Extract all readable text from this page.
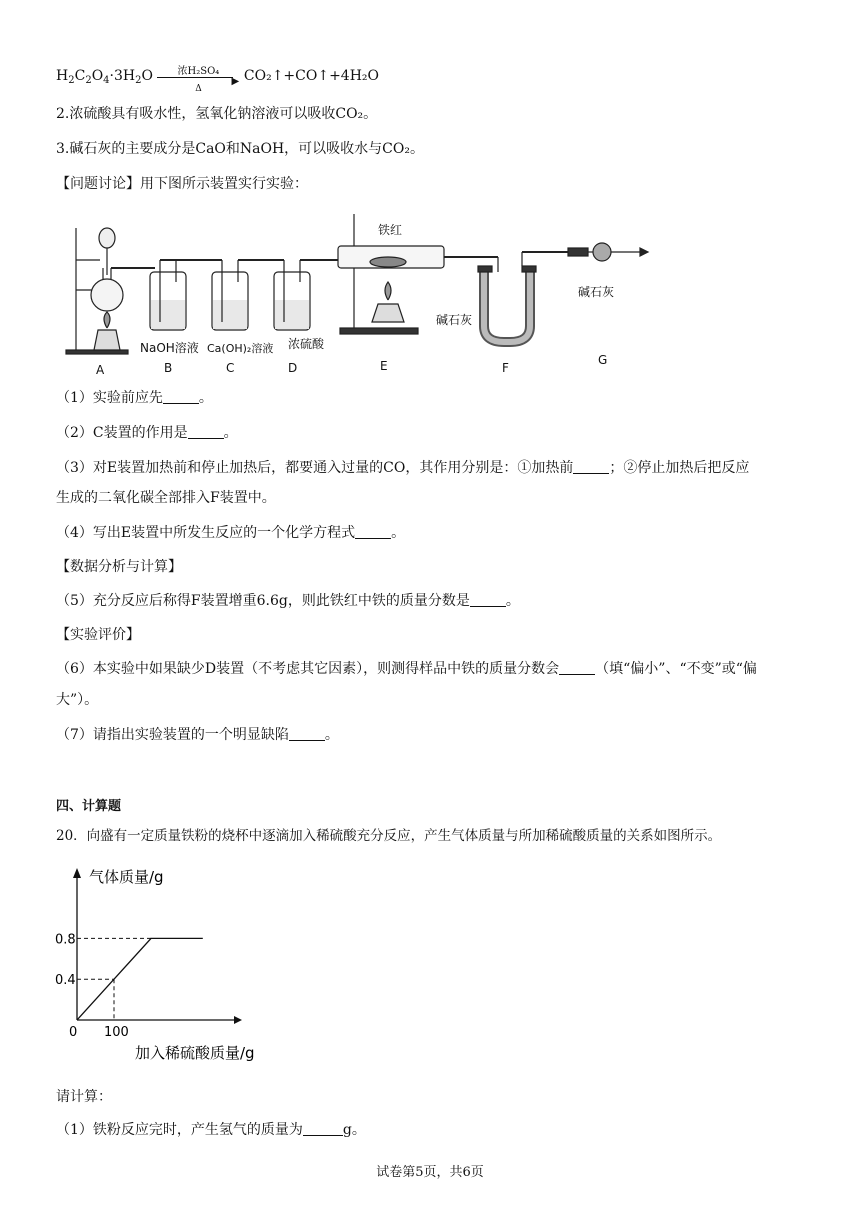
$H_2C_2O_4\cdot 3H_2O$	浓H₂SO₄
▶
Δ
CO₂↑+CO↑+4H₂O
2.浓硫酸具有吸水性，氢氧化钠溶液可以吸收CO₂。
3.碱石灰的主要成分是CaO和NaOH，可以吸收水与CO₂。
【问题讨论】用下图所示装置实行实验：
铁红
碱石灰
碱石灰
NaOH溶液 Ca(OH)₂溶液 浓硫酸
A	B	C	D	E	F
G
（1）实验前应先	。
（2）C装置的作用是	。
（3）对E装置加热前和停止加热后，都要通入过量的CO，其作用分别是：①加热前	；②停止加热后把反应
生成的二氧化碳全部排入F装置中。
（4）写出E装置中所发生反应的一个化学方程式	。
【数据分析与计算】
（5）充分反应后称得F装置增重6.6g，则此铁红中铁的质量分数是	。
【实验评价】
（6）本实验中如果缺少D装置（不考虑其它因素），则测得样品中铁的质量分数会	（填“偏小”、“不变”或“偏
大”）。
（7）请指出实验装置的一个明显缺陷	。
四、计算题
20．向盛有一定质量铁粉的烧杯中逐滴加入稀硫酸充分反应，产生气体质量与所加稀硫酸质量的关系如图所示。
0 100
0.4
0.8
气体质量/g
加入稀硫酸质量/g
请计算：
（1）铁粉反应完时，产生氢气的质量为	g。
试卷第5页，共6页
